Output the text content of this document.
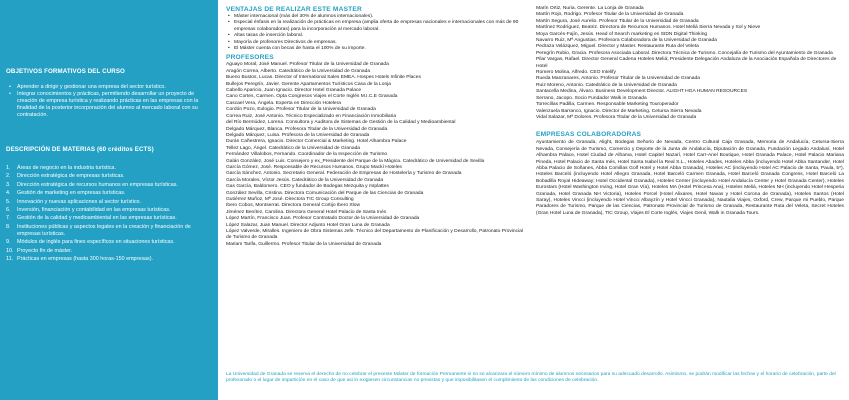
OBJETIVOS FORMATIVOS DEL CURSO
• Aprender a dirigir y gestionar una empresa del sector turístico.
• Integrar conocimientos y prácticas, permitiendo desarrollar un proyecto de creación de empresa turística y realizando prácticas en las empresas con la finalidad de la posterior incorporación del alumno al mercado laboral con su contratación.
DESCRIPCIÓN DE MATERIAS (60 créditos ECTS)
1.	Áreas de negocio en la industria turística.
2.	Dirección estratégica de empresas turísticas.
3.	Dirección estratégica de recursos humanos en empresas turísticas.
4.	Gestión de marketing en empresas turísticas.
5.	Innovación y nuevas aplicaciones al sector turístico.
6.	Inversión, financiación y contabilidad en las empresas turísticas.
7.	Gestión de la calidad y medioambiental en las empresas turísticas.
8.	Instituciones públicas y aspectos legales en la creación y financiación de empresas turísticas.
9.	Módulos de inglés para fines específicos en situaciones turísticas.
10. Proyecto fin de máster.
11. Prácticas en empresas (hasta 300 horas-150 empresas).
VENTAJAS DE REALIZAR ESTE MASTER
• Máster internacional (más del 30% de alumnos internacionales).
• Especial énfasis en la realización de prácticas en empresa (amplia oferta de empresas nacionales e internacionales con más de 90 empresas colaboradoras) para la incorporación al mercado laboral.
• Altas tasas de inserción laboral.
• Mayoría de profesores Directivos de empresas.
• El Máster cuenta con becas de hasta el 100% de su importe.
PROFESORES
Aguayo Moral, José Manuel. Profesor Titular de la Universidad de Granada
Aragón Correa, Alberto. Catedrático de la Universidad de Granada
Bueno Bustos, Lucas. Director of International Sales EMEA. Hospes Hotels Infinite Places
Bullejos Peregrín, Javier. Gerente Apartamentos Turísticos Casa de la Lonja
Cabello Aparicio, Juan Ignacio. Director Hotel Granada Palace
Cano Cortes, Carmen. Opta Congresos Viajes el Corte Inglés M.I.C.E Granada
Cascael Vera, Ángela. Experta en Dirección Hotelera
Cordón Pozo, Eulogio. Profesor Titular de la Universidad de Granada
Correa Ruiz, José Antonio. Técnico Especializado en Financiación Inmobiliaria
del Río Bermúdez, Lorena. Consultora y Auditora de Sistemas de Gestión de la Calidad y Medioambiental
Delgado Márquez, Blanca. Profesora Titular de la Universidad de Granada
Delgado Márquez, Luisa. Profesora de la Universidad de Granada
Durán Cañestrera, Ignacio. Director Comercial & Marketing. Hotel Alhambra Palace
Tellez Lago, Ángel. Catedrático de la Universidad de Granada
Fernández Villalobos, Fernando. Coordinador de la Inspección de Turismo
Galán González, José Luis. Consejero y ex_Presidente del Parque de la Mágica. Catedrático de Universidad de Sevilla
García Gómez, José. Responsable de Recursos Humanos. Grupo Mackí Hoteles
García Sánchez, Antonio. Secretario General. Federación de Empresas de Hostelería y Turismo de Granada
García Morales, Víctor Jesús. Catedrático de la Universidad de Granada
Gas García, Baldomero. CEO y fundador de Bodegas Mezquita y mIplattes
González Sevilla, Cristina. Directora Comunicación del Parque de las Ciencias de Granada
Gutiérrez Muñoz, Mª José. Directora TIC Group Consulting
Ibero Cobos, Montserrat. Directora General Cortijo Ibero Slow
Jiménez Benítez, Carolina. Directora General Hotel Palacio de Santa Inés
López Martín, Francisco Juan. Profesor Contratado Doctor de la Universidad de Granada
López Salazar, Juan Manuel. Director Adjunto Hotel Gran Luna de Granada
López Valverde, Miralles. Ingeniero de Obra Sistemas Jefe. Técnico del Departamento de Planificación y Desarrollo, Patronato Provincial de Turismo de Granada
Mariam Tarifa, Guillermo. Profesor Titular de la Universidad de Granada
Marín Ortiz, Nuria. Gerente. La Lonja de Granada
Martín Rojo, Rodrigo. Profesor Titular de la Universidad de Granada
Martín Segura, José Aurelio. Profesor Titular de la Universidad de Granada
Martínez Rodríguez, Beatriz. Directora de Recursos Humanos. Hotel Meliá Sierra Nevada y Sol y Nieve
Moya Garcés-Fajín, Jesús. Head of Search marketing en SIDN Digital Thinking
Navarro Ruiz, Mª Angustias. Profesora Colaboradora de la Universidad de Granada
Pedraza Velázquez, Miguel. Director y Master. Restaurante Ruta del Veleta
Peregrín Rubio, Gracia. Profesora Asociada Laboral. Directora Técnica de Turismo. Concejalía de Turismo del Ayuntamiento de Granada
Pilar Vargas, Rafael. Director General Cadena Hoteles Meliá; Presidente Delegación Andaluza de la Asociación Española de Directores de Hotel
Romero Molina, Alfredo. CEO Intelify
Rueda Manzanares, Antonio. Profesor Titular de la Universidad de Granada
Ruiz Moreno, Antonio. Catedrático de la Universidad de Granada
Santacella Medina, Álvaro. Business Development Director. ALIGHT HGA HUMAN RESOURCES
Serrano, Jacopo. Socio Fundador Walk in Granada
Torrecillas Padilla, Carmen. Responsable Marketing Touroperador
Valenzuela Barranco, Ignacio. Director de Marketing. Cetursa Sierra Nevada
Vidal Salazar, Mª Dolores. Profesora Titular de la Universidad de Granada
EMPRESAS COLABORADORAS
Ayuntamiento de Granada, Alight, Bodegas Señorío de Nevada, Centro Cultural Caja Granada, Memoria de Andalucía, Cetursa-Sierra Nevada, Consejería de Turismo, Comercio y Deporte de la Junta de Andalucía, Diputación de Granada, Fundación Legado Andalusí, Hotel Alhambra Palace, Hotel Ciudad de Alhama, Hotel Capitel Nazarí, Hotel Carr-Anel Boutique, Hotel Granada Palace, Hotel Palacio Mariana Pineda, Hotel Palacio de Santa Inés, Hotel Santa Isabel la Real S.L., Hoteles Abades, Hoteles Abba (incluyendo Hotel Abba Santander, Hotel Abba Palacio de Soñanes, Abba Comillas Golf Hotel y Hotel Abba Granada), Hoteles AC (incluyendo Hotel AC Palacio de Santa, Paula, 5*), Hoteles Barceló (incluyendo Hotel Allegro Granada, Hotel Barceló Carmen Granada, Hotel Barceló Granada Congress, Hotel Barceló La Bobadilla Royal Hideaway; Hotel Occidental Granada), Hoteles Center (incluyendo Hotel Andalucía Center y Hotel Granada Center), Hoteles Eurostars (Hotel Washington Irving, Hotel Gran Vía), Hoteles MA (Hotel Princesa Ana), Hoteles Meliá, Hoteles NH (incluyendo Hotel Hesperia Granada, Hotel Granada NH Victoria), Hoteles Porcel (Hotel Alixares, Hotel Navas y Hotel Corona de Granada), Hoteles Santos (Hotel Saray), Hoteles Vincci (incluyendo Hotel Vincci Albayzín y Hotel Vincci Granada), Nautalia Viajes, Oxford, Crew, Parque mi Pueblo, Parque Paradores de Turismo, Parque de las Ciencias, Patronato Provincial de Turismo de Granada, Restaurante Ruta del Veleta, Secret Hoteles (Gran Hotel Luna de Granada), TIC Group, Viajes El Corte Inglés, Viajes Genil, Walk in Granada Tours.
La Universidad de Granada se reserva el derecho de no celebrar el presente Máster de formación Permanente si no se alcanzara el número mínimo de alumnos necesarios para su adecuado desarrollo. Asimismo, se podrán modificar las fechas y el horario de celebración, parte del profesorado o el lugar de impartición en el caso de que asi lo exigiesen circunstancias no previstas y que imposibilitasen el cumplimiento de las condiciones de celebración.
